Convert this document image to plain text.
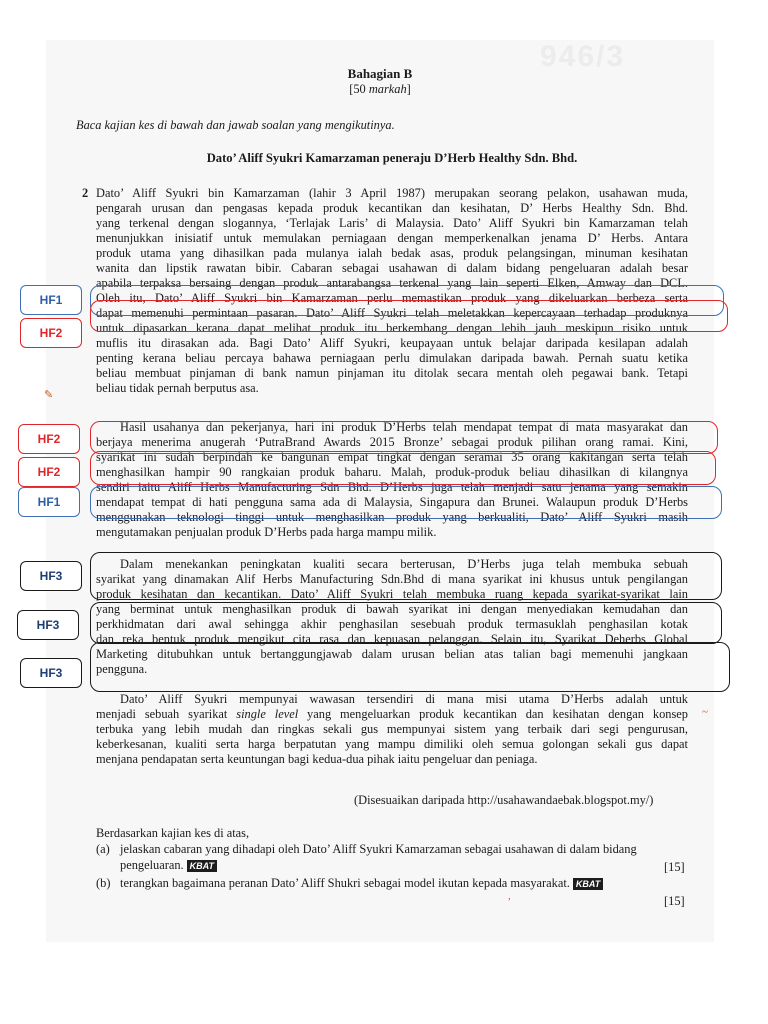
946/3
Bahagian B
[50 markah]
Baca kajian kes di bawah dan jawab soalan yang mengikutinya.
Dato’ Aliff Syukri Kamarzaman peneraju D’Herb Healthy Sdn. Bhd.
2 Dato’ Aliff Syukri bin Kamarzaman (lahir 3 April 1987) merupakan seorang pelakon, usahawan muda,
pengarah urusan dan pengasas kepada produk kecantikan dan kesihatan, D’ Herbs Healthy Sdn. Bhd.
yang terkenal dengan slogannya, ‘Terlajak Laris’ di Malaysia. Dato’ Aliff Syukri bin Kamarzaman telah
menunjukkan inisiatif untuk memulakan perniagaan dengan memperkenalkan jenama D’ Herbs. Antara
produk utama yang dihasilkan pada mulanya ialah bedak asas, produk pelangsingan, minuman kesihatan
wanita dan lipstik rawatan bibir. Cabaran sebagai usahawan di dalam bidang pengeluaran adalah besar
apabila terpaksa bersaing dengan produk antarabangsa terkenal yang lain seperti Elken, Amway dan DCL.
Oleh itu, Dato’ Aliff Syukri bin Kamarzaman perlu memastikan produk yang dikeluarkan berbeza serta
dapat memenuhi permintaan pasaran. Dato’ Aliff Syukri telah meletakkan kepercayaan terhadap produknya
untuk dipasarkan kerana dapat melihat produk itu berkembang dengan lebih jauh meskipun risiko untuk
muflis itu dirasakan ada. Bagi Dato’ Aliff Syukri, keupayaan untuk belajar daripada kesilapan adalah
penting kerana beliau percaya bahawa perniagaan perlu dimulakan daripada bawah. Pernah suatu ketika
beliau membuat pinjaman di bank namun pinjaman itu ditolak secara mentah oleh pegawai bank. Tetapi
beliau tidak pernah berputus asa.
Hasil usahanya dan pekerjanya, hari ini produk D’Herbs telah mendapat tempat di mata masyarakat dan
berjaya menerima anugerah ‘PutraBrand Awards 2015 Bronze’ sebagai produk pilihan orang ramai. Kini,
syarikat ini sudah berpindah ke bangunan empat tingkat dengan seramai 35 orang kakitangan serta telah
menghasilkan hampir 90 rangkaian produk baharu. Malah, produk-produk beliau dihasilkan di kilangnya
sendiri iaitu Aliff Herbs Manufacturing Sdn Bhd. D’Herbs juga telah menjadi satu jenama yang semakin
mendapat tempat di hati pengguna sama ada di Malaysia, Singapura dan Brunei. Walaupun produk D’Herbs
menggunakan teknologi tinggi untuk menghasilkan produk yang berkualiti, Dato’ Aliff Syukri masih
mengutamakan penjualan produk D’Herbs pada harga mampu milik.
Dalam menekankan peningkatan kualiti secara berterusan, D’Herbs juga telah membuka sebuah
syarikat yang dinamakan Alif Herbs Manufacturing Sdn.Bhd di mana syarikat ini khusus untuk pengilangan
produk kesihatan dan kecantikan. Dato’ Aliff Syukri telah membuka ruang kepada syarikat-syarikat lain
yang berminat untuk menghasilkan produk di bawah syarikat ini dengan menyediakan kemudahan dan
perkhidmatan dari awal sehingga akhir penghasilan sesebuah produk termasuklah penghasilan kotak
dan reka bentuk produk mengikut cita rasa dan kepuasan pelanggan. Selain itu, Syarikat Deherbs Global
Marketing ditubuhkan untuk bertanggungjawab dalam urusan belian atas talian bagi memenuhi jangkaan
pengguna.
Dato’ Aliff Syukri mempunyai wawasan tersendiri di mana misi utama D’Herbs adalah untuk
menjadi sebuah syarikat single level yang mengeluarkan produk kecantikan dan kesihatan dengan konsep
terbuka yang lebih mudah dan ringkas sekali gus mempunyai sistem yang terbaik dari segi pengurusan,
keberkesanan, kualiti serta harga berpatutan yang mampu dimiliki oleh semua golongan sekali gus dapat
menjana pendapatan serta keuntungan bagi kedua-dua pihak iaitu pengeluar dan peniaga.
(Disesuaikan daripada http://usahawandaebak.blogspot.my/)
Berdasarkan kajian kes di atas,
(a) jelaskan cabaran yang dihadapi oleh Dato’ Aliff Syukri Kamarzaman sebagai usahawan di dalam bidang
pengeluaran. KBAT	[15]
(b) terangkan bagaimana peranan Dato’ Aliff Shukri sebagai model ikutan kepada masyarakat. KBAT
[15]
✎
~
,
HF1
HF2
HF2
HF2
HF1
HF3
HF3
HF3
